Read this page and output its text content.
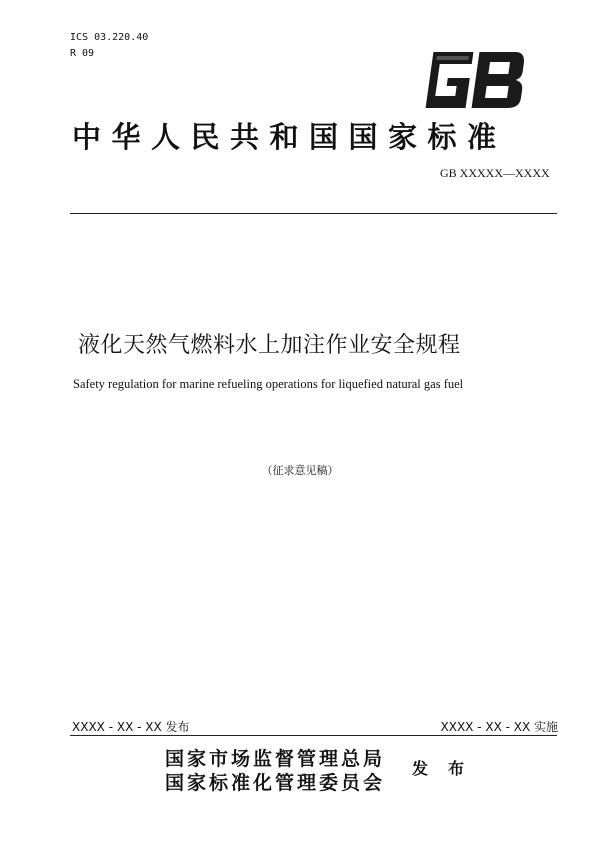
ICS 03.220.40
R 09
中华人民共和国国家标准
GB XXXXX—XXXX
液化天然气燃料水上加注作业安全规程
Safety regulation for marine refueling operations for liquefied natural gas fuel
（征求意见稿）
XXXX - XX - XX 发布	XXXX - XX - XX 实施
国家市场监督管理总局
国家标准化管理委员会
发 布
